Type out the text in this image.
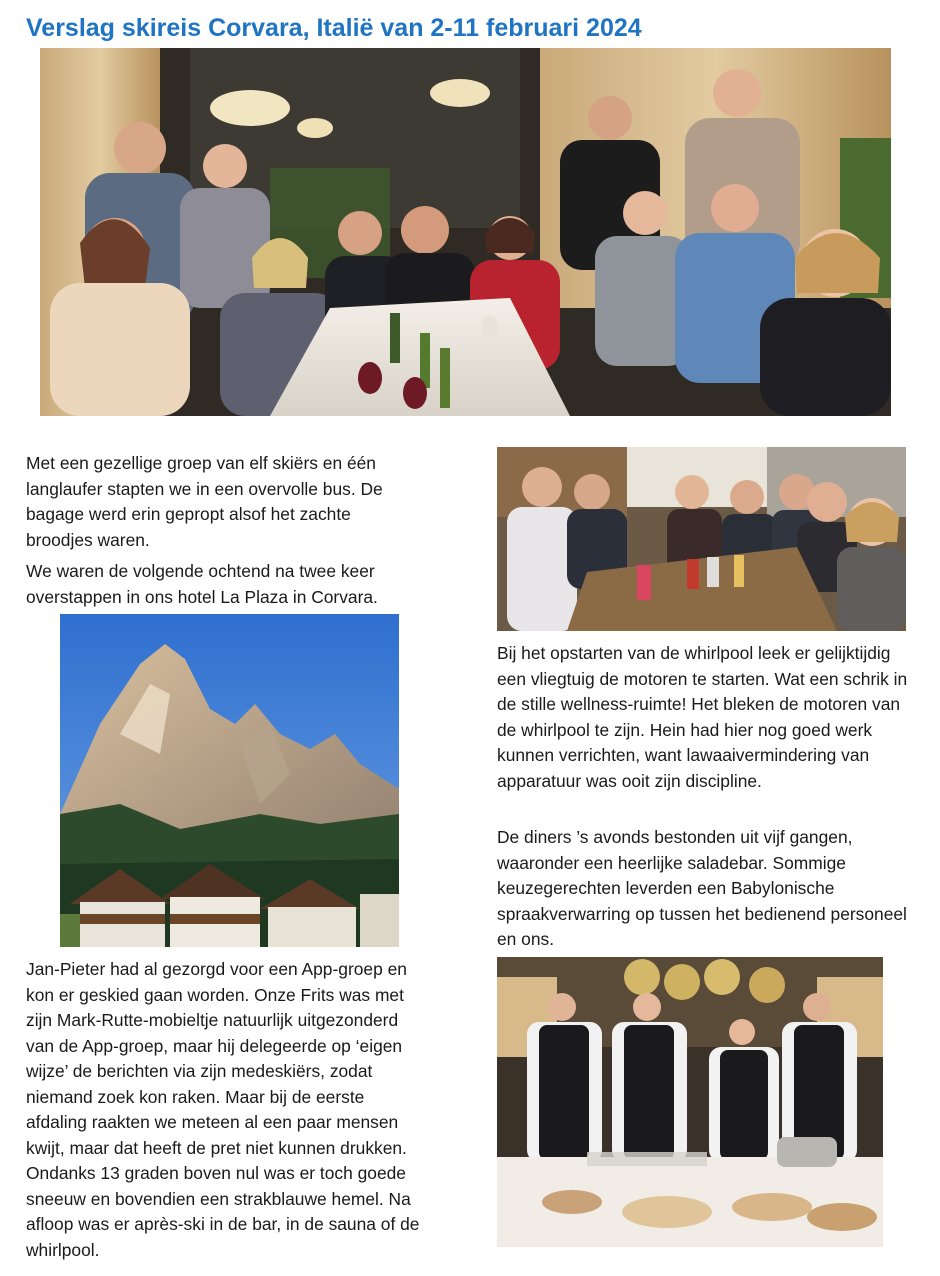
Verslag skireis Corvara, Italië van 2-11 februari 2024

Met een gezellige groep van elf skiërs en één langlaufer stapten we in een overvolle bus. De bagage werd erin gepropt alsof het zachte broodjes waren.

We waren de volgende ochtend na twee keer overstappen in ons hotel La Plaza in Corvara.

Jan-Pieter had al gezorgd voor een App-groep en kon er geskied gaan worden. Onze Frits was met zijn Mark-Rutte-mobieltje natuurlijk uitgezonderd van de App-groep, maar hij delegeerde op ‘eigen wijze’ de berichten via zijn medeskiërs, zodat niemand zoek kon raken. Maar bij de eerste afdaling raakten we meteen al een paar mensen kwijt, maar dat heeft de pret niet kunnen drukken. Ondanks 13 graden boven nul was er toch goede sneeuw en bovendien een strakblauwe hemel. Na afloop was er après-ski in de bar, in de sauna of de whirlpool.

Bij het opstarten van de whirlpool leek er gelijktijdig een vliegtuig de motoren te starten. Wat een schrik in de stille wellness-ruimte! Het bleken de motoren van de whirlpool te zijn. Hein had hier nog goed werk kunnen verrichten, want lawaaivermindering van apparatuur was ooit zijn discipline.

De diners ’s avonds bestonden uit vijf gangen, waaronder een heerlijke saladebar. Sommige keuzegerechten leverden een Babylonische spraakverwarring op tussen het bedienend personeel en ons.
